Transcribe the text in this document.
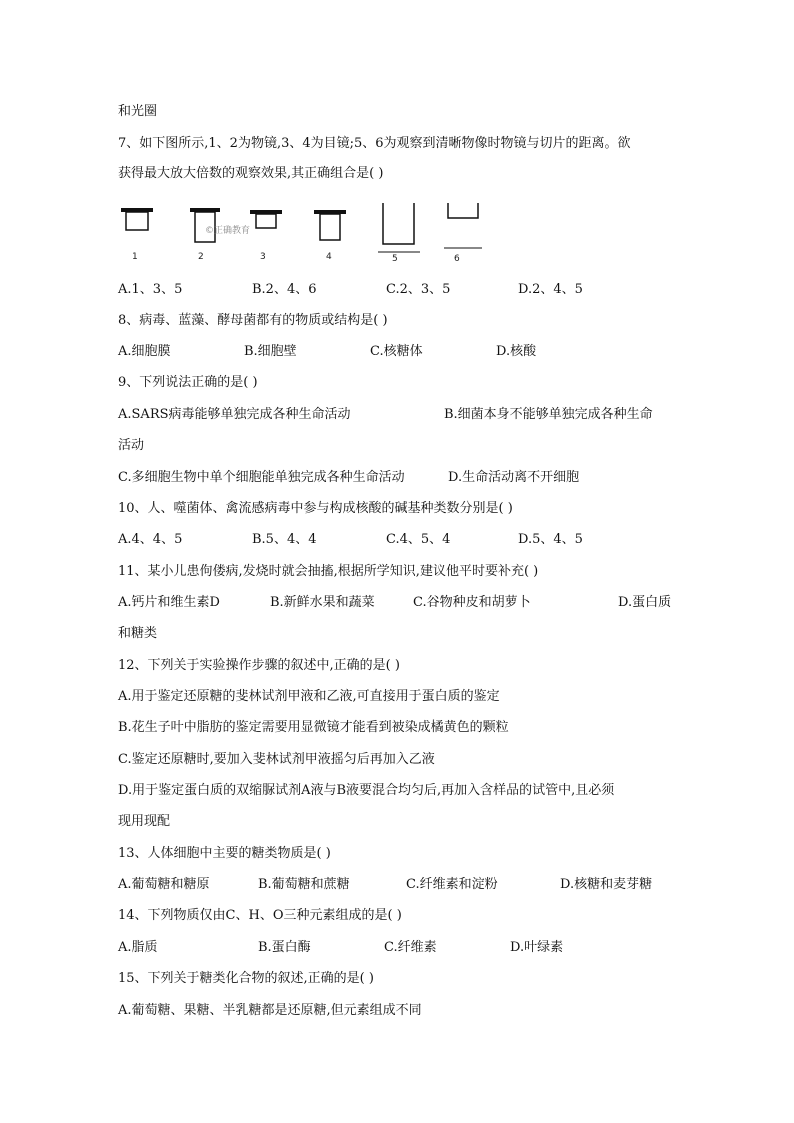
和光圈
7、如下图所示,1、2为物镜,3、4为目镜;5、6为观察到清晰物像时物镜与切片的距离。欲
获得最大放大倍数的观察效果,其正确组合是( )
1	2	3	4	5	6
©正确教育
A.1、3、5	B.2、4、6	C.2、3、5	D.2、4、5
8、病毒、蓝藻、酵母菌都有的物质或结构是( )
A.细胞膜	B.细胞壁	C.核糖体	D.核酸
9、下列说法正确的是( )
A.SARS病毒能够单独完成各种生命活动	B.细菌本身不能够单独完成各种生命
活动
C.多细胞生物中单个细胞能单独完成各种生命活动	D.生命活动离不开细胞
10、人、噬菌体、禽流感病毒中参与构成核酸的碱基种类数分别是( )
A.4、4、5	B.5、4、4	C.4、5、4	D.5、4、5
11、某小儿患佝偻病,发烧时就会抽搐,根据所学知识,建议他平时要补充( )
A.钙片和维生素D	B.新鲜水果和蔬菜	C.谷物种皮和胡萝卜	D.蛋白质
和糖类
12、下列关于实验操作步骤的叙述中,正确的是( )
A.用于鉴定还原糖的斐林试剂甲液和乙液,可直接用于蛋白质的鉴定
B.花生子叶中脂肪的鉴定需要用显微镜才能看到被染成橘黄色的颗粒
C.鉴定还原糖时,要加入斐林试剂甲液摇匀后再加入乙液
D.用于鉴定蛋白质的双缩脲试剂A液与B液要混合均匀后,再加入含样品的试管中,且必须
现用现配
13、人体细胞中主要的糖类物质是( )
A.葡萄糖和糖原	B.葡萄糖和蔗糖	C.纤维素和淀粉	D.核糖和麦芽糖
14、下列物质仅由C、H、O三种元素组成的是( )
A.脂质	B.蛋白酶	C.纤维素	D.叶绿素
15、下列关于糖类化合物的叙述,正确的是( )
A.葡萄糖、果糖、半乳糖都是还原糖,但元素组成不同
